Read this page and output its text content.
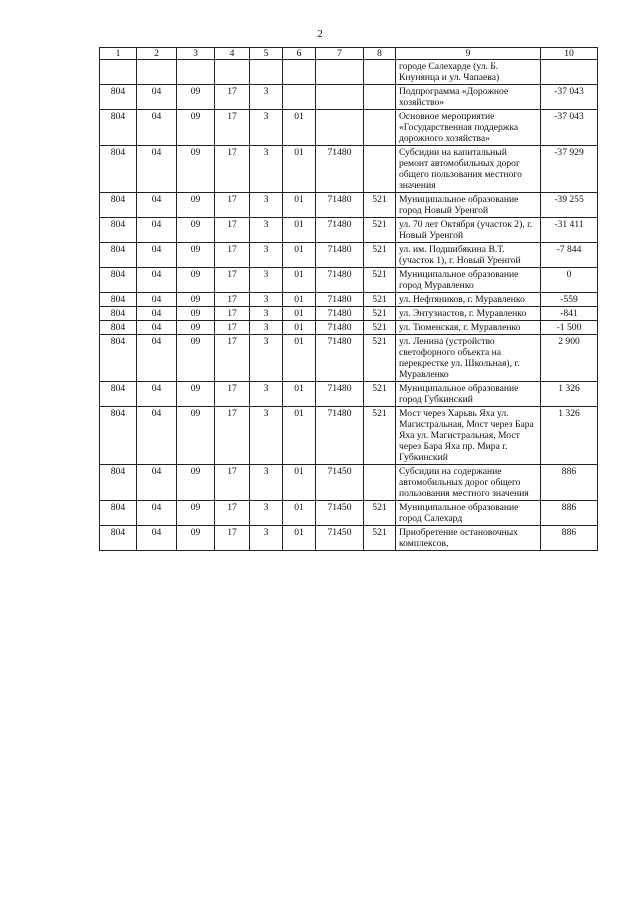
2
1	2	3	4	5	6	7	8	9	10
								городе Салехарде (ул. Б. Кнунянца и ул. Чапаева)	
804	04	09	17	3				Подпрограмма «Дорожное хозяйство»	-37 043
804	04	09	17	3	01			Основное мероприятие «Государственная поддержка дорожного хозяйства»	-37 043
804	04	09	17	3	01	71480		Субсидии на капитальный ремонт автомобильных дорог общего пользования местного значения	-37 929
804	04	09	17	3	01	71480	521	Муниципальное образование город Новый Уренгой	-39 255
804	04	09	17	3	01	71480	521	ул. 70 лет Октября (участок 2), г. Новый Уренгой	-31 411
804	04	09	17	3	01	71480	521	ул. им. Подшибякина В.Т. (участок 1), г. Новый Уренгой	-7 844
804	04	09	17	3	01	71480	521	Муниципальное образование город Муравленко	0
804	04	09	17	3	01	71480	521	ул. Нефтяников, г. Муравленко	-559
804	04	09	17	3	01	71480	521	ул. Энтузиастов, г. Муравленко	-841
804	04	09	17	3	01	71480	521	ул. Тюменская, г. Муравленко	-1 500
804	04	09	17	3	01	71480	521	ул. Ленина (устройство светофорного объекта на перекрестке ул. Школьная), г. Муравленко	2 900
804	04	09	17	3	01	71480	521	Муниципальное образование город Губкинский	1 326
804	04	09	17	3	01	71480	521	Мост через Харьвь Яха ул. Магистральная, Мост через Бара Яха ул. Магистральная, Мост через Бара Яха пр. Мира г. Губкинский	1 326
804	04	09	17	3	01	71450		Субсидии на содержание автомобильных дорог общего пользования местного значения	886
804	04	09	17	3	01	71450	521	Муниципальное образование город Салехард	886
804	04	09	17	3	01	71450	521	Приобретение остановочных комплексов,	886
